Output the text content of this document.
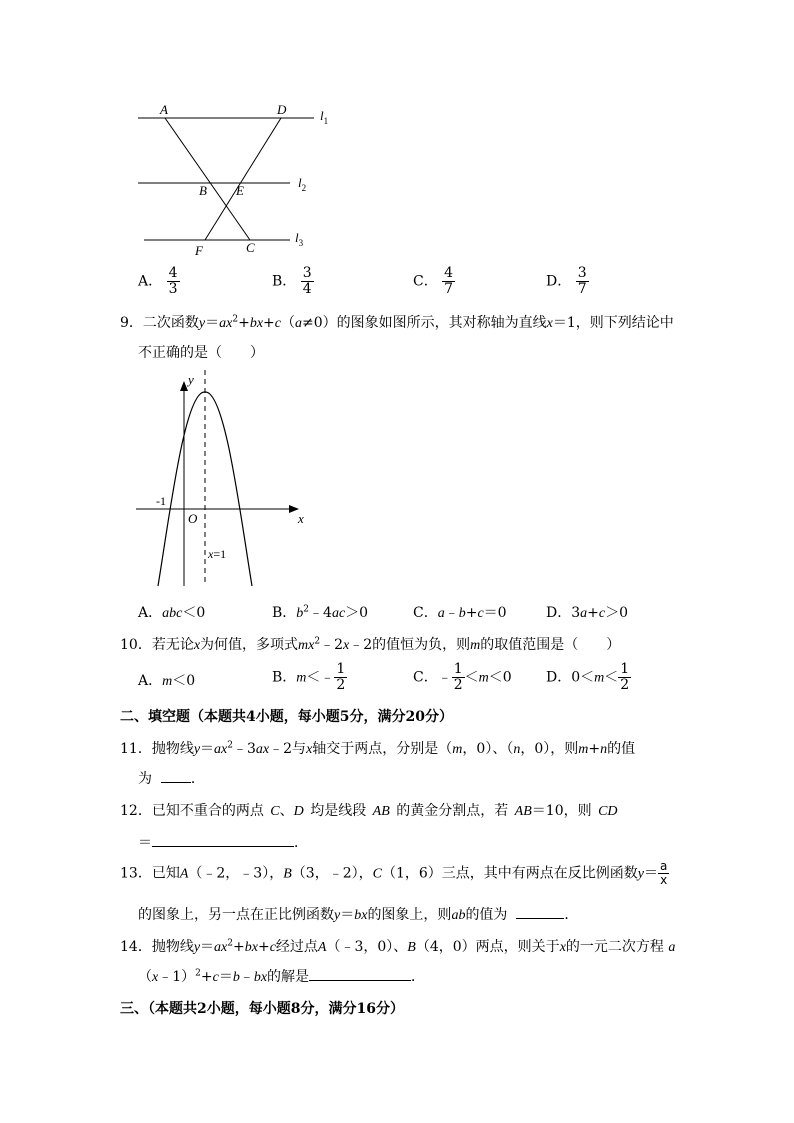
A	D
B E
F	C
$l_1$
$l_2$
$l_3$
A． $\frac{4}{3}$	B． $\frac{3}{4}$	C． $\frac{4}{7}$	D． $\frac{3}{7}$
9．二次函数$y=ax^2+bx+c(a\ne 0)$的图象如图所示，其对称轴为直线x＝1，则下列结论中
不正确的是（　　）
y
x
O
-1
x=1
A．abc＜0	B．$b^2﹣4ac>0$	C．a﹣b+c＝0	D．3a+c＞0
10．若无论x为何值，多项式$mx^2﹣2x﹣2$的值恒为负，则m的取值范围是（　　）
A．m＜0	B．m＜﹣ $\frac{1}{2}$	C．﹣ $\frac{1}{2} <m<0$ D．$0<m< \frac{1}{2}$
二、填空题（本题共4小题，每小题5分，满分20分）
11．抛物线$y=ax^2﹣3ax﹣2$与x轴交于两点，分别是（m，0）、（n，0），则m+n的值
为	．
12．已知不重合的两点 C、D 均是线段 AB 的黄金分割点，若 AB＝10，则 CD
＝	．
13．已知A（﹣2，﹣3），B（3，﹣2），C（1，6）三点，其中有两点在反比例函数$y= \frac{a}{x}$
的图象上，另一点在正比例函数y＝bx的图象上，则ab的值为	．
14．抛物线$y=ax^2+bx+c$经过点A（﹣3，0）、B（4，0）两点，则关于x的一元二次方程 a
（x﹣1）$^2$+c＝b﹣bx的解是	．
三、（本题共2小题，每小题8分，满分16分）
